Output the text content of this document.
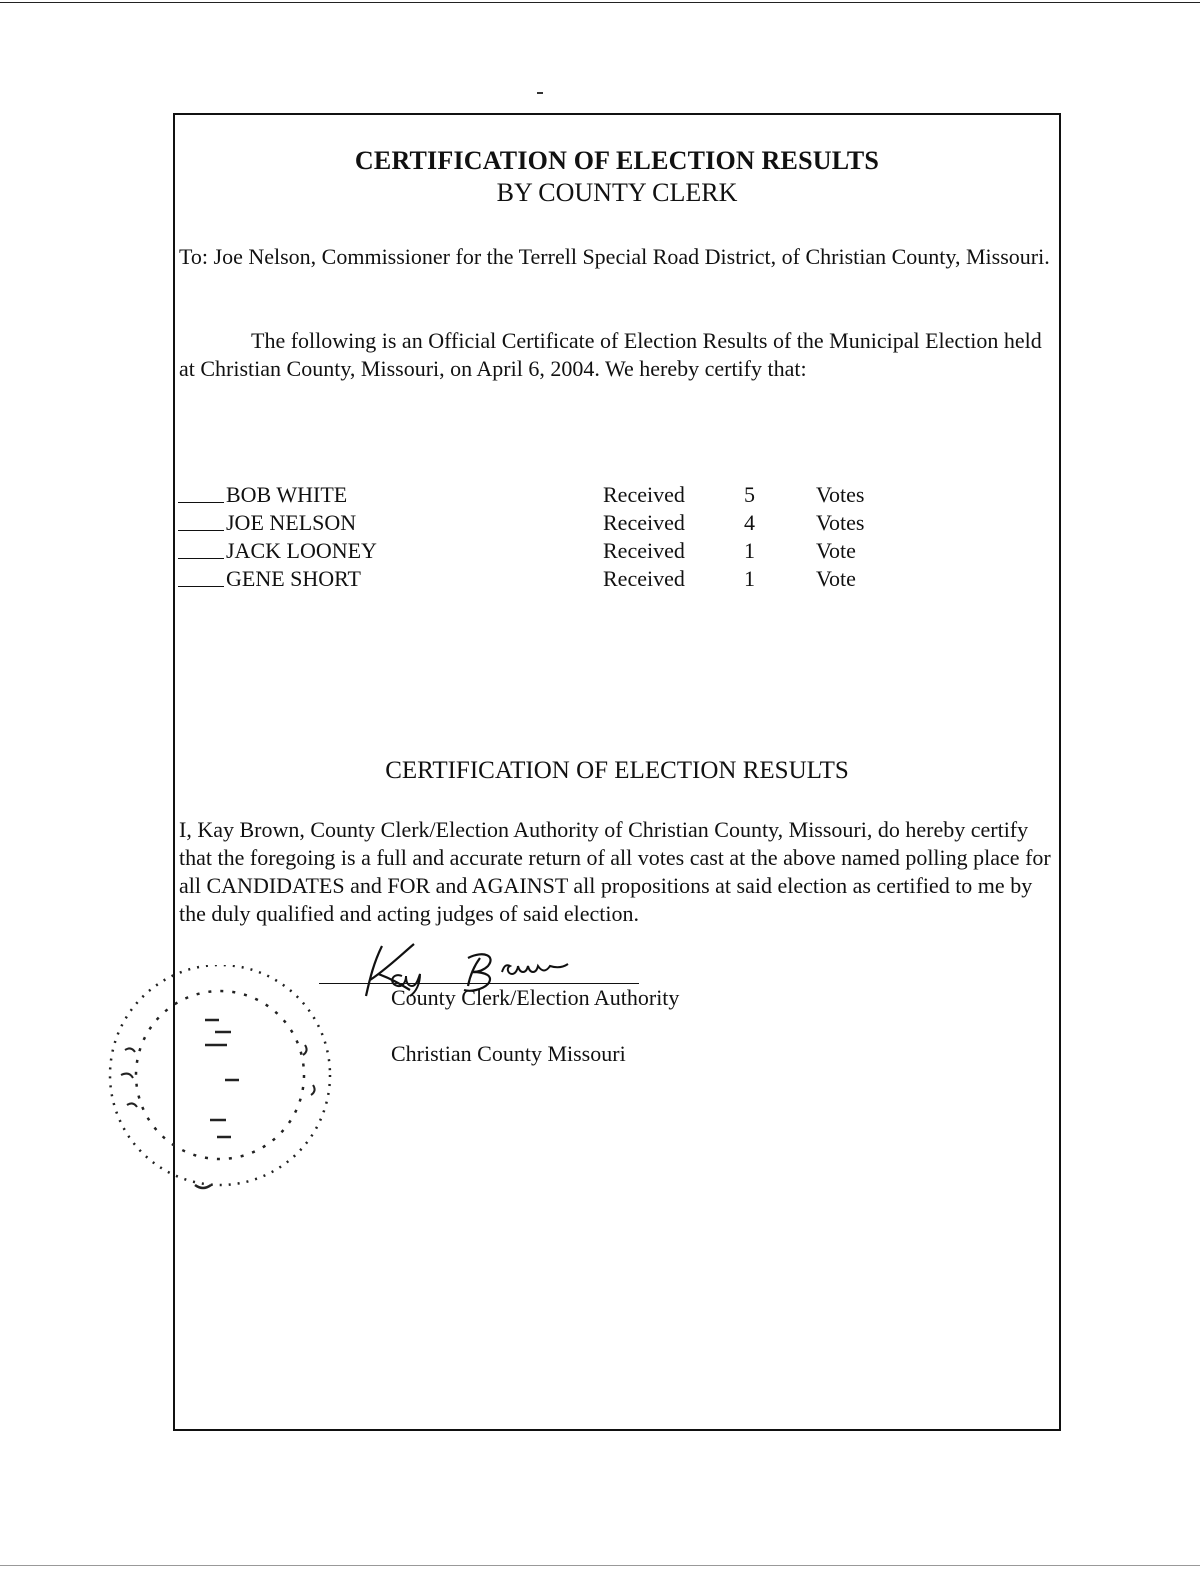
CERTIFICATION OF ELECTION RESULTS
BY COUNTY CLERK
To: Joe Nelson, Commissioner for the Terrell Special Road District, of Christian County, Missouri.
The following is an Official Certificate of Election Results of the Municipal Election held at Christian County, Missouri, on April 6, 2004. We hereby certify that:
BOB WHITE	Received	5	Votes
JOE NELSON	Received	4	Votes
JACK LOONEY	Received	1	Vote
GENE SHORT	Received	1	Vote
CERTIFICATION OF ELECTION RESULTS
I, Kay Brown, County Clerk/Election Authority of Christian County, Missouri, do hereby certify that the foregoing is a full and accurate return of all votes cast at the above named polling place for all CANDIDATES and FOR and AGAINST all propositions at said election as certified to me by the duly qualified and acting judges of said election.
County Clerk/Election Authority
Christian County Missouri
